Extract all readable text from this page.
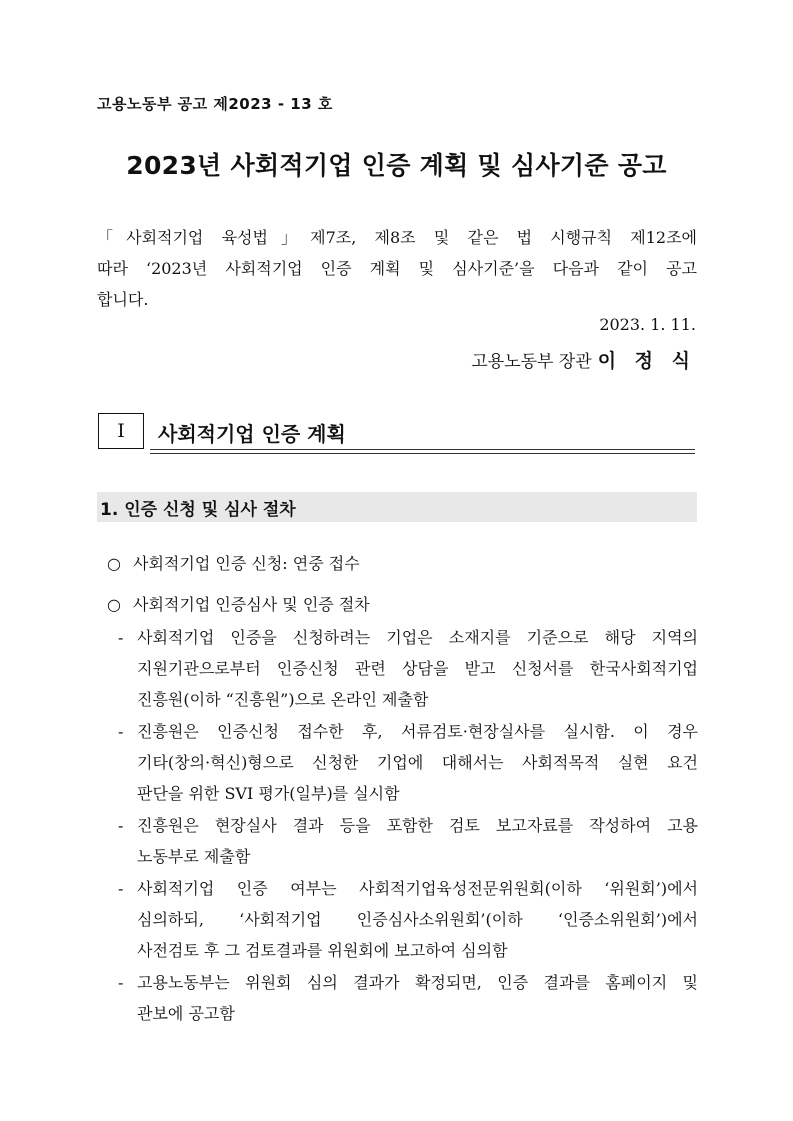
고용노동부 공고 제2023 - 13 호
2023년 사회적기업 인증 계획 및 심사기준 공고
「사회적기업 육성법」제7조, 제8조 및 같은 법 시행규칙 제12조에
따라 ‘2023년 사회적기업 인증 계획 및 심사기준’을 다음과 같이 공고
합니다.
2023. 1. 11.
고용노동부 장관 이 정 식
I	사회적기업 인증 계획
1. 인증 신청 및 심사 절차
○ 사회적기업 인증 신청: 연중 접수
○ 사회적기업 인증심사 및 인증 절차
- 사회적기업 인증을 신청하려는 기업은 소재지를 기준으로 해당 지역의
지원기관으로부터 인증신청 관련 상담을 받고 신청서를 한국사회적기업
진흥원(이하 “진흥원”)으로 온라인 제출함
- 진흥원은 인증신청 접수한 후, 서류검토·현장실사를 실시함. 이 경우
기타(창의·혁신)형으로 신청한 기업에 대해서는 사회적목적 실현 요건
판단을 위한 SVI 평가(일부)를 실시함
- 진흥원은 현장실사 결과 등을 포함한 검토 보고자료를 작성하여 고용
노동부로 제출함
- 사회적기업 인증 여부는 사회적기업육성전문위원회(이하 ‘위원회’)에서
심의하되, ‘사회적기업 인증심사소위원회’(이하 ‘인증소위원회’)에서
사전검토 후 그 검토결과를 위원회에 보고하여 심의함
- 고용노동부는 위원회 심의 결과가 확정되면, 인증 결과를 홈페이지 및
관보에 공고함
